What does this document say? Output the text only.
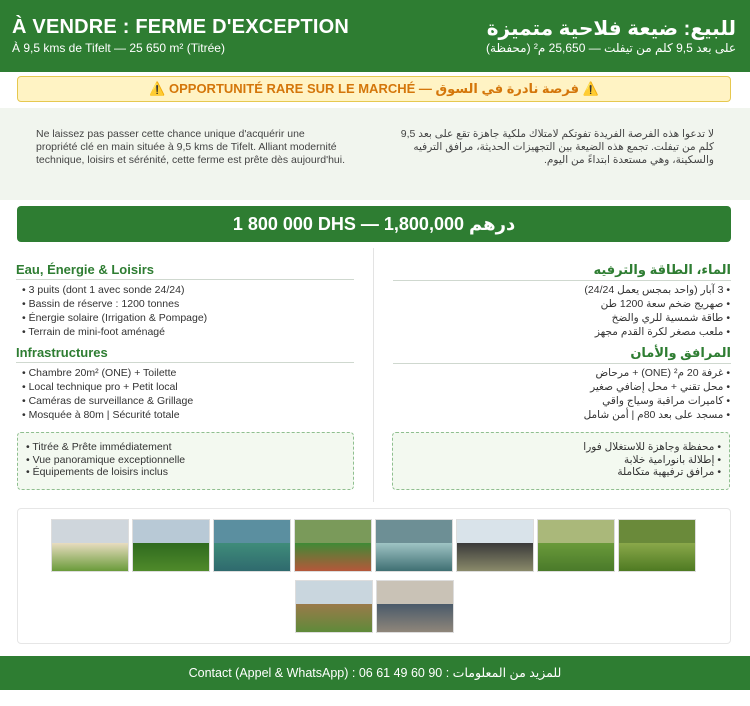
À VENDRE : FERME D'EXCEPTION
À 9,5 kms de Tifelt — 25 650 m² (Titrée)
للبيع: ضيعة فلاحية متميزة
على بعد 9,5 كلم من تيفلت — 25,650 م² (محفظة)
⚠️ OPPORTUNITÉ RARE SUR LE MARCHÉ — فرصة نادرة في السوق ⚠️

Ne laissez pas passer cette chance unique d'acquérir une propriété clé en main située à 9,5 kms de Tifelt. Alliant modernité technique, loisirs et sérénité, cette ferme est prête dès aujourd'hui.

لا تدعوا هذه الفرصة الفريدة تفوتكم لامتلاك ملكية جاهزة تقع على بعد 9,5 كلم من تيفلت. تجمع هذه الضيعة بين التجهيزات الحديثة، مرافق الترفيه والسكينة، وهي مستعدة ابتداءً من اليوم.

1 800 000 DHS — 1,800,000 درهم
Eau, Énergie & Loisirs
• 3 puits (dont 1 avec sonde 24/24)
• Bassin de réserve : 1200 tonnes
• Énergie solaire (Irrigation & Pompage)
• Terrain de mini-foot aménagé
Infrastructures
• Chambre 20m² (ONE) + Toilette
• Local technique pro + Petit local
• Caméras de surveillance & Grillage
• Mosquée à 80m | Sécurité totale
• Titrée & Prête immédiatement
• Vue panoramique exceptionnelle
• Équipements de loisirs inclus
الماء، الطاقة والترفيه
• 3 آبار (واحد بمجس يعمل 24/24)
• صهريج ضخم سعة 1200 طن
• طاقة شمسية للري والضخ
• ملعب مصغر لكرة القدم مجهز
المرافق والأمان
• غرفة 20 م² (ONE) + مرحاض
• محل تقني + محل إضافي صغير
• كاميرات مراقبة وسياج واقي
• مسجد على بعد 80م | أمن شامل
• محفظة وجاهزة للاستغلال فورا
• إطلالة بانورامية خلابة
• مرافق ترفيهية متكاملة
Contact (Appel & WhatsApp) : 06 61 49 60 90 : للمزيد من المعلومات
